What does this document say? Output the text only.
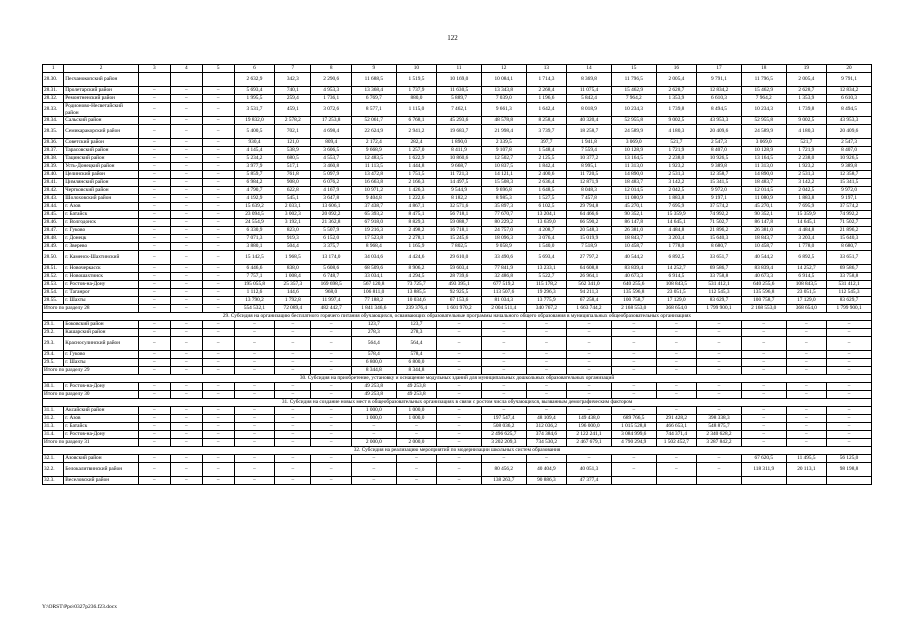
122
1	2	3	4	5	6	7	8	9	10	11	12	13	14	15	16	17	18	19	20
28.30.	Песчанокопский район				2 632,9	342,3	2 290,6	11 688,5	1 519,5	10 169,0	10 084,1	1 714,3	8 369,8	11 796,5	2 005,4	9 791,1	11 796,5	2 005,4	9 791,1
28.31.	Пролетарский район	–	–	–	5 693,4	740,1	4 953,3	13 368,4	1 737,9	11 630,5	13 343,8	2 268,4	11 075,4	15 462,9	2 628,7	12 834,2	15 462,9	2 628,7	12 834,2
28.32.	Ремонтненский район	–	–	–	1 995,5	259,4	1 736,1	6 769,7	880,0	5 889,7	7 039,0	1 196,6	5 842,4	7 964,2	1 353,9	6 610,3	7 964,2	1 353,9	6 610,3
28.33.	Родионово-Несветайский район	–	–	–	3 531,7	459,1	3 072,6	8 577,1	1 115,0	7 462,1	9 661,3	1 642,4	8 018,9	10 234,3	1 739,8	8 494,5	10 234,3	1 739,8	8 494,5
28.34.	Сальский район	–	–	–	19 832,0	2 578,2	17 253,8	52 061,7	6 768,1	45 293,6	48 578,8	8 258,4	40 320,4	52 955,8	9 002,5	43 953,3	52 955,8	9 002,5	43 953,3
28.35.	Семикаракорский район	–	–	–	5 400,5	702,1	4 698,4	22 624,9	2 941,2	19 683,7	21 998,4	3 739,7	18 258,7	24 589,9	4 180,3	20 409,6	24 589,9	4 180,3	20 409,6
28.36.	Советский район	–	–	–	930,4	121,0	809,4	2 172,4	282,4	1 890,0	2 339,5	397,7	1 941,8	3 069,0	521,7	2 547,3	3 069,0	521,7	2 547,3
28.37.	Тарасовский район	–	–	–	4 145,4	538,9	3 606,5	9 668,9	1 257,0	8 411,9	9 107,8	1 548,4	7 559,4	10 128,9	1 721,9	8 407,0	10 128,9	1 721,9	8 407,0
28.38.	Тацинский район	–	–	–	5 234,2	680,5	4 553,7	12 483,5	1 622,9	10 860,6	12 502,7	2 125,5	10 377,2	13 164,5	2 238,0	10 926,5	13 164,5	2 238,0	10 926,5
28.39.	Усть-Донецкий район	–	–	–	3 977,9	517,1	3 460,8	11 113,5	1 444,8	9 668,7	10 837,5	1 842,4	8 995,1	11 313,0	1 923,2	9 389,8	11 313,0	1 923,2	9 389,8
28.40.	Целинский район	–	–	–	5 859,7	761,8	5 097,9	13 472,8	1 751,5	11 721,3	14 121,1	2 400,6	11 720,5	14 890,0	2 531,3	12 358,7	14 890,0	2 531,3	12 358,7
28.41.	Цимлянский район	–	–	–	6 984,2	908,0	6 076,2	16 663,8	2 166,3	14 497,5	15 508,3	2 636,4	12 871,9	18 483,7	3 142,2	15 341,5	18 483,7	3 142,2	15 341,5
28.42.	Чертковский район	–	–	–	4 790,7	622,8	4 167,9	10 971,2	1 426,3	9 544,9	9 696,8	1 648,5	8 048,3	12 014,5	2 042,5	9 972,0	12 014,5	2 042,5	9 972,0
28.43.	Шолоховский район	–	–	–	4 192,9	545,1	3 647,8	9 404,8	1 222,6	8 182,2	8 985,3	1 527,5	7 457,8	11 080,9	1 883,8	9 197,1	11 080,9	1 883,8	9 197,1
28.44.	г. Азов	–	–	–	15 639,2	2 033,1	13 606,1	37 438,7	4 867,1	32 571,6	35 897,3	6 102,5	29 794,8	45 270,1	7 695,9	37 574,2	45 270,1	7 695,9	37 574,2
28.45.	г. Батайск	–	–	–	23 094,5	3 002,3	20 092,2	65 393,2	8 475,1	56 718,1	77 670,7	13 204,1	64 466,6	90 352,1	15 359,9	74 992,2	90 352,1	15 359,9	74 992,2
28.46.	г. Волгодонск	–	–	–	24 554,9	3 192,1	21 362,8	67 918,0	8 829,3	59 088,7	80 229,2	13 639,0	66 590,2	86 147,8	14 645,1	71 502,7	86 147,8	14 645,1	71 502,7
28.47.	г. Гуково	–	–	–	6 330,9	823,0	5 507,9	19 216,3	2 498,2	16 718,1	24 757,0	4 208,7	20 548,3	26 381,0	4 484,8	21 896,2	26 381,0	4 484,8	21 896,2
28.48.	г. Донецк	–	–	–	7 071,3	919,3	6 152,0	17 523,8	2 278,1	15 245,6	18 096,3	3 076,4	15 019,9	18 843,7	3 203,4	15 640,3	18 843,7	3 203,4	15 640,3
28.49.	г. Зверево	–	–	–	3 880,1	504,4	3 375,7	8 968,4	1 165,9	7 802,5	9 058,9	1 540,0	7 518,9	10 458,7	1 778,0	8 680,7	10 458,7	1 778,0	8 680,7
28.50.	г. Каменск-Шахтинский	–	–	–	15 142,5	1 968,5	13 174,0	34 034,6	4 424,6	29 610,0	33 490,6	5 693,4	27 797,2	40 544,2	6 892,5	33 651,7	40 544,2	6 892,5	33 651,7
28.51.	г. Новочеркасск	–	–	–	6 446,6	838,0	5 608,6	68 509,6	8 906,2	59 603,4	77 841,9	13 233,1	64 608,8	83 839,4	14 252,7	69 586,7	83 839,4	14 252,7	69 586,7
28.52.	г. Новошахтинск	–	–	–	7 757,1	1 008,4	6 748,7	33 034,1	4 294,5	28 739,6	32 486,8	5 522,7	26 964,1	40 673,3	6 914,5	33 758,8	40 673,3	6 914,5	33 758,8
28.53.	г. Ростов-на-Дону	–	–	–	195 055,8	25 357,3	169 698,5	567 120,8	73 725,7	493 395,1	677 519,2	115 178,2	562 341,0	640 255,6	108 843,5	531 412,1	640 255,6	108 843,5	531 412,1
28.54.	г. Таганрог	–	–	–	1 112,6	144,6	968,0	106 811,0	13 885,5	92 925,5	113 507,6	19 296,3	94 211,3	135 596,8	23 051,5	112 545,3	135 596,8	23 051,5	112 545,3
28.55.	г. Шахты	–	–	–	13 790,2	1 792,8	11 997,4	77 188,2	10 034,6	67 153,6	81 034,3	13 775,9	67 258,4	100 758,7	17 129,0	83 629,7	100 758,7	17 129,0	83 629,7
Итого по разделу 28		–	–	–	554 532,1	72 089,4	482 442,7	1 841 346,6	239 376,4	1 601 970,2	2 004 511,4	340 767,2	1 663 744,2	2 168 553,0	368 654,0	1 799 900,1	2 168 553,0	368 654,0	1 799 900,1
29. Субсидия на организацию бесплатного горячего питания обучающихся, осваивающих образовательные программы начального общего образования в муниципальных общеобразовательных организациях																			
29.1.	Боковский район	–	–	–	–	–	–	123,7	123,7	–	–	–	–	–	–	–	–	–	–
29.2.	Кашарский район	–	–	–	–	–	–	278,3	278,3	–	–	–	–	–	–	–	–	–	–
29.3.	Красносулинский район	–	–	–	–	–	–	564,4	564,4	–	–	–	–	–	–	–	–	–	–
29.4.	г. Гуково	–	–	–	–	–	–	578,4	578,4	–	–	–	–	–	–	–	–	–	–
29.5.	г. Шахты	–	–	–	–	–	–	6 800,0	6 800,0	–	–	–	–	–	–	–	–	–	–
Итого по разделу 29		–	–	–	–	–	–	8 344,8	8 344,8	–	–	–	–	–	–	–	–	–	–
30. Субсидия на приобретение, установку и оснащение модульных зданий для муниципальных дошкольных образовательных организаций																			
30.1.	г. Ростов-на-Дону	–	–	–	–	–	–	49 253,8	49 253,8	–	–	–	–	–	–	–	–	–	–
Итого по разделу 30		–	–	–	–	–	–	49 253,8	49 253,8	–	–	–	–	–	–	–	–	–	–
31. Субсидия на создание новых мест в общеобразовательных организациях в связи с ростом числа обучающихся, вызванным демографическим фактором																			
31.1.	Аксайский район	–	–	–	–	–	–	1 000,0	1 000,0	–	–	–	–	–	–	–	–	–	–
31.2.	г. Азов	–	–	–	–	–	–	1 000,0	1 000,0	–	197 547,4	48 109,4	149 438,0	689 766,5	291 428,2	398 338,3	–	–	–
31.3.	г. Батайск	–	–	–	–	–	–	–	–	–	508 036,2	312 036,2	196 000,0	1 015 528,8	466 653,1	548 875,7	–	–	–
31.4.	г. Ростов-на-Дону	–	–	–	–	–	–	–	–	–	2 496 625,7	374 384,6	2 122 241,1	3 084 999,6	744 371,4	2 340 628,2	–	–	–
Итого по разделу 31		–	–	–	–	–	–	2 000,0	2 000,0	–	3 202 209,3	734 530,2	2 467 679,1	4 790 294,9	1 502 452,7	3 287 842,2	–	–	–
32. Субсидия на реализацию мероприятий по модернизации школьных систем образования																			
32.1.	Азовский район	–	–	–	–	–	–	–	–	–	–	–	–	–	–	–	67 620,5	11 495,5	56 125,0
32.2.	Белокалитвинский район	–	–	–	–	–	–	–	–	–	80 456,2	40 404,9	40 051,3	–	–	–	118 311,9	20 113,1	98 198,8
32.3.	Веселовский район	–	–	–	–	–	–	–	–	–	138 263,7	90 886,3	47 377,4						
Y:\ORST\Ppo\0327p236.f23.docx
